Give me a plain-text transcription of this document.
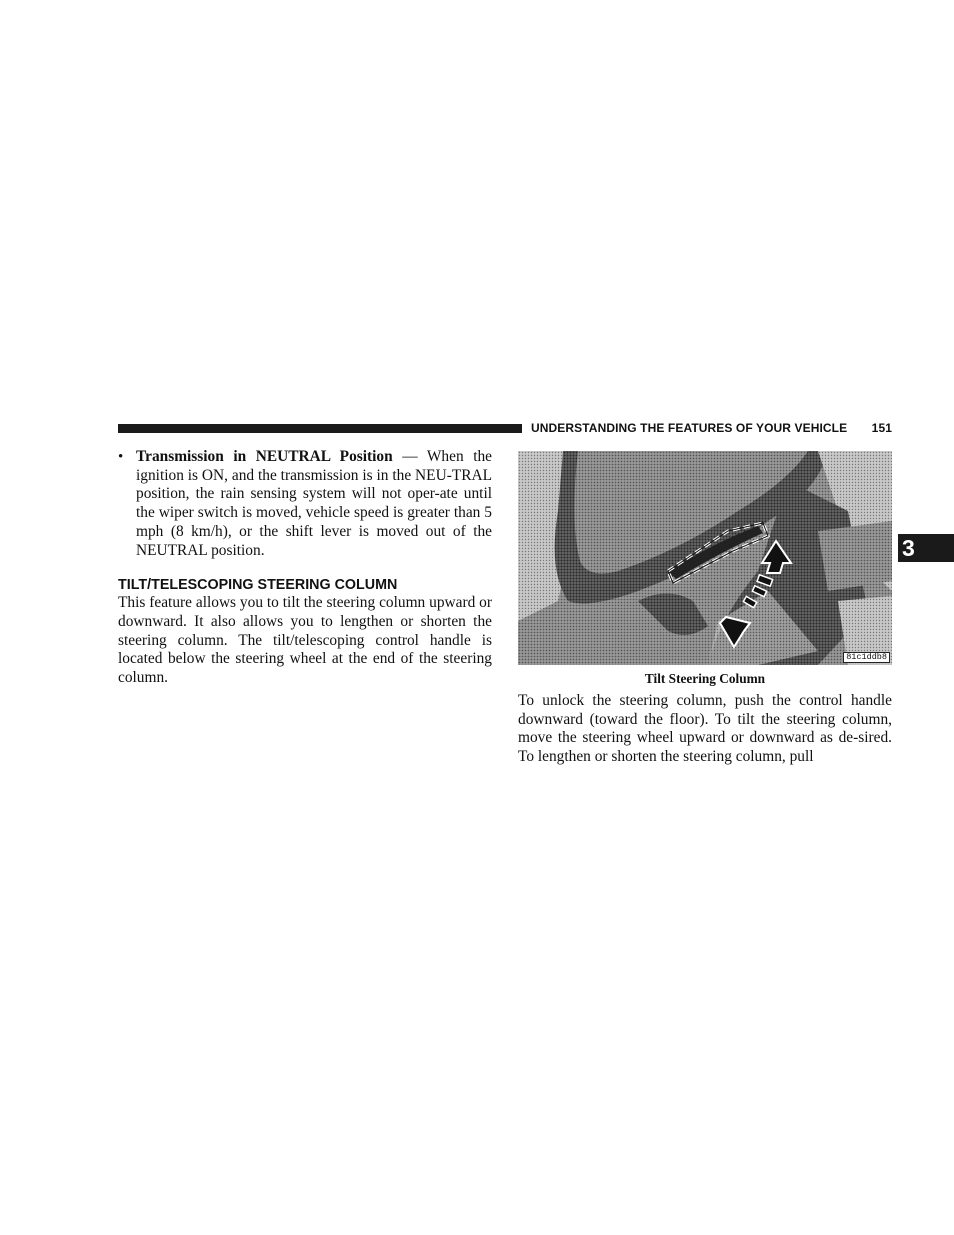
UNDERSTANDING THE FEATURES OF YOUR VEHICLE 151
• Transmission in NEUTRAL Position — When the ignition is ON, and the transmission is in the NEU-TRAL position, the rain sensing system will not oper-ate until the wiper switch is moved, vehicle speed is greater than 5 mph (8 km/h), or the shift lever is moved out of the NEUTRAL position.

TILT/TELESCOPING STEERING COLUMN

This feature allows you to tilt the steering column upward or downward. It also allows you to lengthen or shorten the steering column. The tilt/telescoping control handle is located below the steering wheel at the end of the steering column.

81c1ddb8
Tilt Steering Column

To unlock the steering column, push the control handle downward (toward the floor). To tilt the steering column, move the steering wheel upward or downward as de-sired. To lengthen or shorten the steering column, pull

3
